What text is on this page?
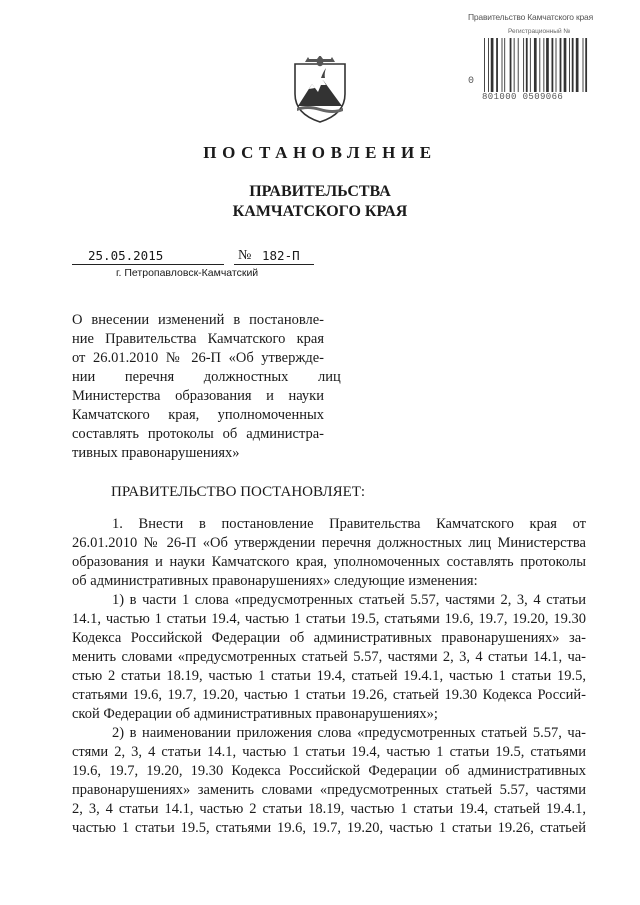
Правительство Камчатского края
Регистрационный №
0
801000 0509066
ПОСТАНОВЛЕНИЕ
ПРАВИТЕЛЬСТВА
КАМЧАТСКОГО КРАЯ
25.05.2015	№ 182-П
г. Петропавловск-Камчатский
О внесении изменений в постановле-
ние Правительства Камчатского края
от 26.01.2010 № 26-П «Об утвержде-
нии перечня должностных лиц
Министерства образования и науки
Камчатского края, уполномоченных
составлять протоколы об администра-
тивных правонарушениях»
ПРАВИТЕЛЬСТВО ПОСТАНОВЛЯЕТ:
1. Внести в постановление Правительства Камчатского края от
26.01.2010 № 26-П «Об утверждении перечня должностных лиц Министерства
образования и науки Камчатского края, уполномоченных составлять протоколы
об административных правонарушениях» следующие изменения:
1) в части 1 слова «предусмотренных статьей 5.57, частями 2, 3, 4 статьи
14.1, частью 1 статьи 19.4, частью 1 статьи 19.5, статьями 19.6, 19.7, 19.20, 19.30
Кодекса Российской Федерации об административных правонарушениях» за-
менить словами «предусмотренных статьей 5.57, частями 2, 3, 4 статьи 14.1, ча-
стью 2 статьи 18.19, частью 1 статьи 19.4, статьей 19.4.1, частью 1 статьи 19.5,
статьями 19.6, 19.7, 19.20, частью 1 статьи 19.26, статьей 19.30 Кодекса Россий-
ской Федерации об административных правонарушениях»;
2) в наименовании приложения слова «предусмотренных статьей 5.57, ча-
стями 2, 3, 4 статьи 14.1, частью 1 статьи 19.4, частью 1 статьи 19.5, статьями
19.6, 19.7, 19.20, 19.30 Кодекса Российской Федерации об административных
правонарушениях» заменить словами «предусмотренных статьей 5.57, частями
2, 3, 4 статьи 14.1, частью 2 статьи 18.19, частью 1 статьи 19.4, статьей 19.4.1,
частью 1 статьи 19.5, статьями 19.6, 19.7, 19.20, частью 1 статьи 19.26, статьей
